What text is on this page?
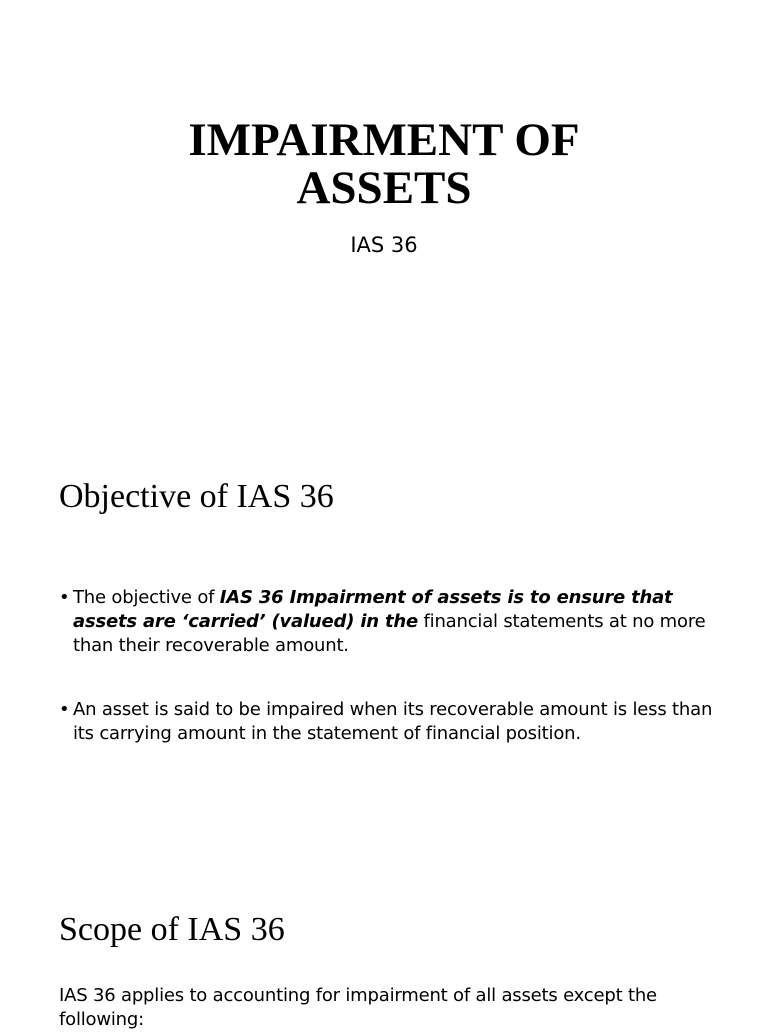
IMPAIRMENT OF
ASSETS
IAS 36
Objective of IAS 36
• The objective of IAS 36 Impairment of assets is to ensure that assets are ‘carried’ (valued) in the financial statements at no more than their recoverable amount.
• An asset is said to be impaired when its recoverable amount is less than its carrying amount in the statement of financial position.
Scope of IAS 36
IAS 36 applies to accounting for impairment of all assets except the following:
